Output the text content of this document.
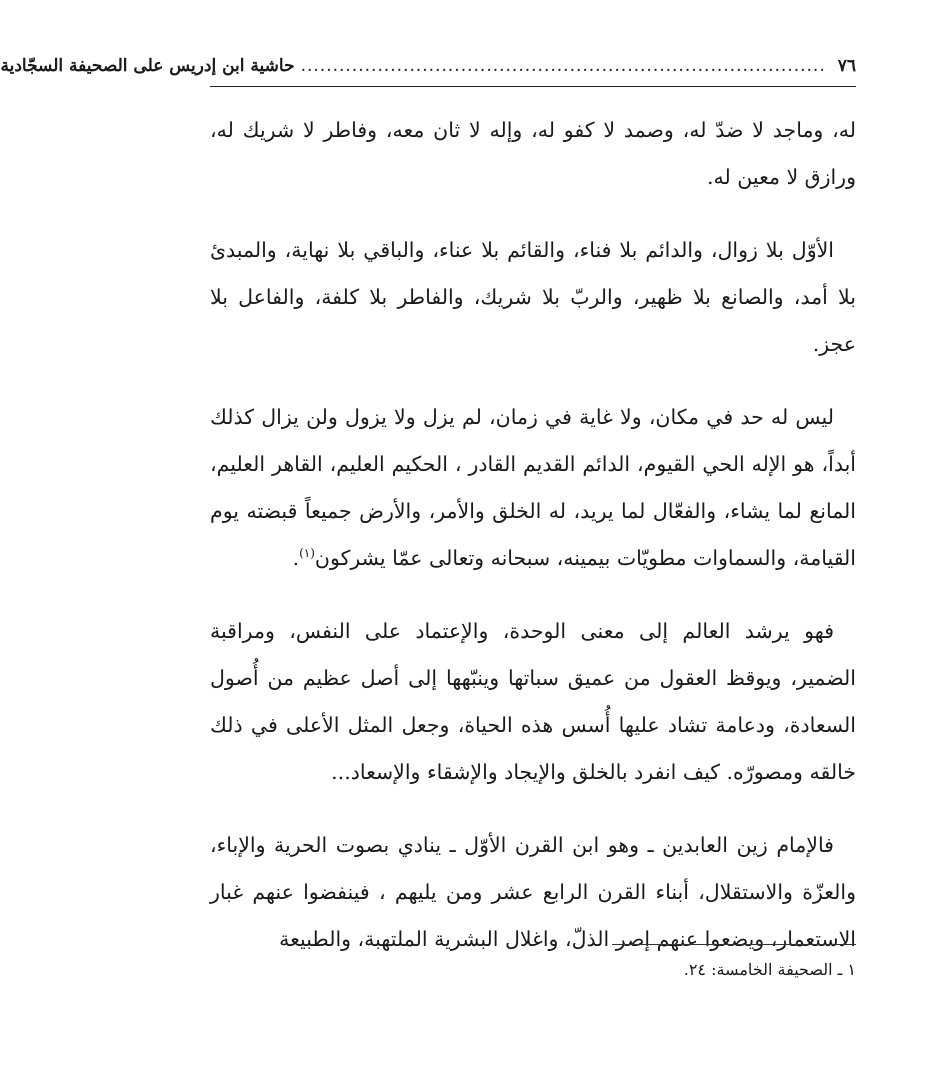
٧٦
..................................................................................
حاشية ابن إدريس على الصحيفة السجّادية

له، وماجد لا ضدّ له، وصمد لا كفو له، وإله لا ثان معه، وفاطر لا شريك له، ورازق لا معين له.

الأوّل بلا زوال، والدائم بلا فناء، والقائم بلا عناء، والباقي بلا نهاية، والمبدئ بلا أمد، والصانع بلا ظهير، والربّ بلا شريك، والفاطر بلا كلفة، والفاعل بلا عجز.

ليس له حد في مكان، ولا غاية في زمان، لم يزل ولا يزول ولن يزال كذلك أبداً، هو الإله الحي القيوم، الدائم القديم القادر ، الحكيم العليم، القاهر العليم، المانع لما يشاء، والفعّال لما يريد، له الخلق والأمر، والأرض جميعاً قبضته يوم القيامة، والسماوات مطويّات بيمينه، سبحانه وتعالى عمّا يشركون$^{(١)}$.

فهو يرشد العالم إلى معنى الوحدة، والإعتماد على النفس، ومراقبة الضمير، ويوقظ العقول من عميق سباتها وينبّهها إلى أصل عظيم من أُصول السعادة، ودعامة تشاد عليها أُسس هذه الحياة، وجعل المثل الأعلى في ذلك خالقه ومصورّه. كيف انفرد بالخلق والإيجاد والإشقاء والإسعاد...

فالإمام زين العابدين ـ وهو ابن القرن الأوّل ـ ينادي بصوت الحرية والإباء، والعزّة والاستقلال، أبناء القرن الرابع عشر ومن يليهم ، فينفضوا عنهم غبار الاستعمار، ويضعوا عنهم إصر الذلّ، واغلال البشرية الملتهبة، والطبيعة

١ ـ الصحيفة الخامسة: ٢٤.
